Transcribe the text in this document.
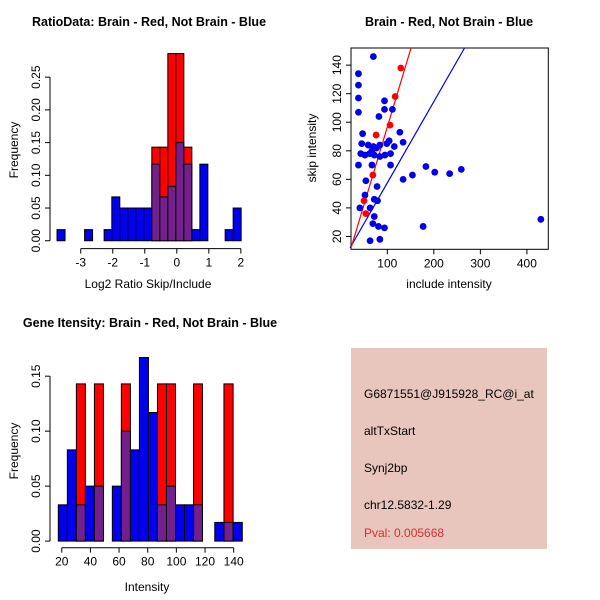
-3 -2 -1 0 1 2
0.00
0.05
0.10
0.15
0.20
0.25
100 200 300 400
20
40
60
80
100
120
140
20 40 60 80 100 120 140
0.00
0.05
0.10
0.15
RatioData: Brain - Red, Not Brain - Blue	Brain - Red, Not Brain - Blue
Gene Itensity: Brain - Red, Not Brain - Blue
Log2 Ratio Skip/Include
Frequency
include intensity
skip intensity
Intensity
Frequency
G6871551@J915928_RC@i_at
altTxStart
Synj2bp
chr12.5832-1.29
Pval: 0.005668
